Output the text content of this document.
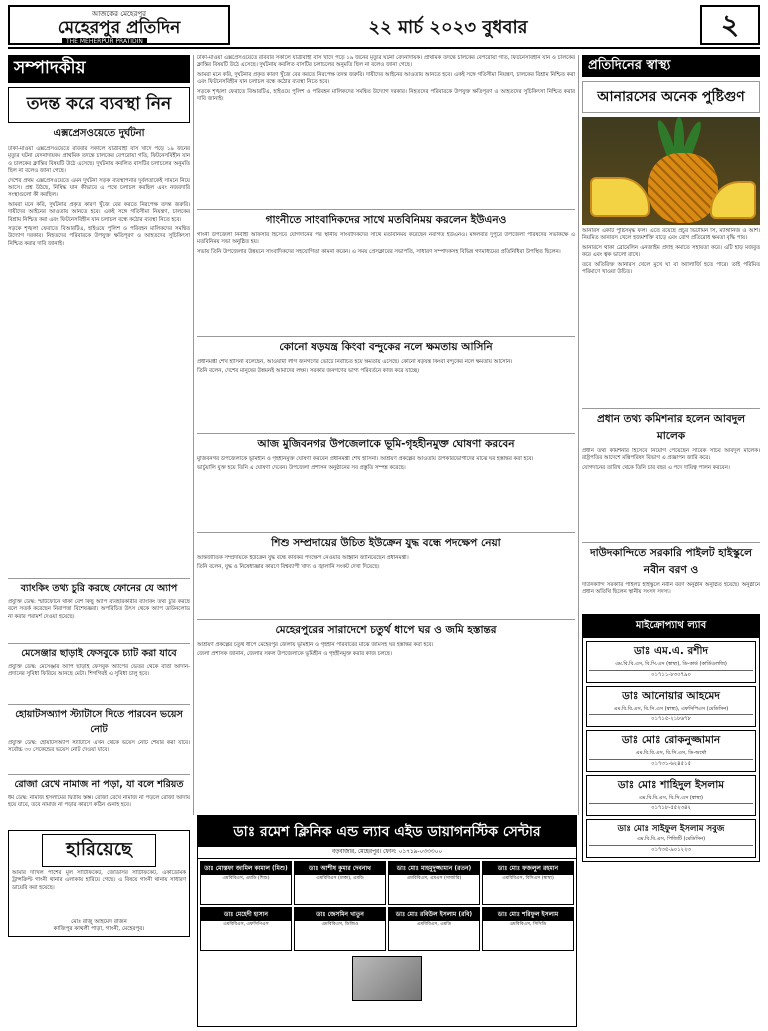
আজকের মেহেরপুর
মেহেরপুর প্রতিদিন
THE MEHERPUR PRATIDIN
২২ মার্চ ২০২৩ বুধবার	২
সম্পাদকীয়
তদন্ত করে ব্যবস্থা নিন
এক্সপ্রেসওয়েতে দুর্ঘটনা

ঢাকা-মাওয়া এক্সপ্রেসওয়েতে রবিবার সকালে যাত্রীবাহী বাস খাদে পড়ে ১৯ জনের মৃত্যুর ঘটনা বেদনাদায়ক। প্রাথমিক তদন্তে চালকের বেপরোয়া গতি, ফিটনেসবিহীন যান ও চালকের ক্লান্তির বিষয়টি উঠে এসেছে। দুর্ঘটনায় কবলিত বাসটির চলাচলের অনুমতি ছিল না বলেও জানা গেছে।

দেশের প্রথম এক্সপ্রেসওয়েতে এমন দুর্ঘটনা সড়ক ব্যবস্থাপনার দুর্বলতাকেই সামনে নিয়ে আসে। প্রশ্ন উঠছে, নিষিদ্ধ যান কীভাবে এ পথে চলাচল করছিল এবং নজরদারি সংস্থাগুলো কী করছিল।

আমরা মনে করি, দুর্ঘটনার প্রকৃত কারণ খুঁজে বের করতে নিরপেক্ষ তদন্ত জরুরি। দায়ীদের আইনের আওতায় আনতে হবে। একই সঙ্গে গতিসীমা নিয়ন্ত্রণ, চালকের বিশ্রাম নিশ্চিত করা এবং ফিটনেসবিহীন যান চলাচল বন্ধে কঠোর ব্যবস্থা নিতে হবে।

সড়কে শৃঙ্খলা ফেরাতে বিআরটিএ, হাইওয়ে পুলিশ ও পরিবহন মালিকদের সমন্বিত উদ্যোগ দরকার। নিহতদের পরিবারকে উপযুক্ত ক্ষতিপূরণ ও আহতদের সুচিকিৎসা নিশ্চিত করার দাবি জানাই।

ব্যাংকিং তথ্য চুরি করছে ফোনের যে অ্যাপ
প্রযুক্তি ডেস্ক: স্মার্টফোনে থাকা বেশ কিছু অ্যাপ ব্যবহারকারীর ব্যাংকিং তথ্য চুরি করছে বলে সতর্ক করেছেন নিরাপত্তা বিশেষজ্ঞরা। অপরিচিত উৎস থেকে অ্যাপ ডাউনলোড না করার পরামর্শ দেওয়া হয়েছে।
মেসেঞ্জার ছাড়াই ফেসবুকে চ্যাট করা যাবে
প্রযুক্তি ডেস্ক: মেসেঞ্জার অ্যাপ ছাড়াই ফেসবুক অ্যাপের ভেতর থেকে বার্তা আদান-প্রদানের সুবিধা ফিরিয়ে আনছে মেটা। শিগগিরই এ সুবিধা চালু হবে।
হোয়াটসঅ্যাপ স্ট্যাটাসে দিতে পারবেন ভয়েস নোট
প্রযুক্তি ডেস্ক: হোয়াটসঅ্যাপ স্ট্যাটাসে এখন থেকে ভয়েস নোট শেয়ার করা যাবে। সর্বোচ্চ ৩০ সেকেন্ডের ভয়েস নোট দেওয়া যাবে।
রোজা রেখে নামাজ না পড়া, যা বলে শরিয়ত
ধর্ম ডেস্ক: নামাজ ইসলামের দ্বিতীয় স্তম্ভ। রোজা রেখে নামাজ না পড়লে রোজা আদায় হয়ে যাবে, তবে নামাজ না পড়ার কারণে কঠিন গুনাহ হবে।
হারিয়েছে
আমার দাখিল পাশের মূল সার্টিফিকেট, জেডিসির সার্টিফিকেট, একাডেমিক ট্রান্সক্রিপ্ট গাংনী থানার এলাকায় হারিয়ে গেছে। এ বিষয়ে গাংনী থানায় সাধারণ ডায়েরি করা হয়েছে।
মোঃ রাজু আহমেদ রাজন
কাজিপুর কাথলী পাড়া, গাংনী, মেহেরপুর।

ঢাকা-মাওয়া এক্সপ্রেসওয়েতে রবিবার সকালে যাত্রীবাহী বাস খাদে পড়ে ১৯ জনের মৃত্যুর ঘটনা বেদনাদায়ক। প্রাথমিক তদন্তে চালকের বেপরোয়া গতি, ফিটনেসবিহীন যান ও চালকের ক্লান্তির বিষয়টি উঠে এসেছে। দুর্ঘটনায় কবলিত বাসটির চলাচলের অনুমতি ছিল না বলেও জানা গেছে।

আমরা মনে করি, দুর্ঘটনার প্রকৃত কারণ খুঁজে বের করতে নিরপেক্ষ তদন্ত জরুরি। দায়ীদের আইনের আওতায় আনতে হবে। একই সঙ্গে গতিসীমা নিয়ন্ত্রণ, চালকের বিশ্রাম নিশ্চিত করা এবং ফিটনেসবিহীন যান চলাচল বন্ধে কঠোর ব্যবস্থা নিতে হবে।

সড়কে শৃঙ্খলা ফেরাতে বিআরটিএ, হাইওয়ে পুলিশ ও পরিবহন মালিকদের সমন্বিত উদ্যোগ দরকার। নিহতদের পরিবারকে উপযুক্ত ক্ষতিপূরণ ও আহতদের সুচিকিৎসা নিশ্চিত করার দাবি জানাই।

গাংনীতে সাংবাদিকদের সাথে মতবিনিময় করলেন ইউএনও

গাংনী উপজেলা নির্বাহী অফিসার হিসেবে যোগদানের পর স্থানীয় সাংবাদিকদের সাথে মতবিনিময় করেছেন নবাগত ইউএনও। মঙ্গলবার দুপুরে উপজেলা পরিষদের সভাকক্ষে এ মতবিনিময় সভা অনুষ্ঠিত হয়।

সভায় তিনি উপজেলার উন্নয়নে সাংবাদিকদের সহযোগিতা কামনা করেন। এ সময় প্রেসক্লাবের সভাপতি, সাধারণ সম্পাদকসহ বিভিন্ন গণমাধ্যমের প্রতিনিধিরা উপস্থিত ছিলেন।

কোনো ষড়যন্ত্র কিংবা বন্দুকের নলে ক্ষমতায় আসিনি

প্রধানমন্ত্রী শেখ হাসিনা বলেছেন, আওয়ামী লীগ জনগণের ভোটে নির্বাচিত হয়ে ক্ষমতায় এসেছে। কোনো ষড়যন্ত্র কিংবা বন্দুকের নলে ক্ষমতায় আসেনি।

তিনি বলেন, দেশের মানুষের উন্নয়নই আমাদের লক্ষ্য। সরকার জনগণের ভাগ্য পরিবর্তনে কাজ করে যাচ্ছে।

আজ মুজিবনগর উপজেলাকে ভূমি-গৃহহীনমুক্ত ঘোষণা করবেন

মুজিবনগর উপজেলাকে ভূমিহীন ও গৃহহীনমুক্ত ঘোষণা করবেন প্রধানমন্ত্রী শেখ হাসিনা। আশ্রয়ণ প্রকল্পের আওতায় উপকারভোগীদের মাঝে ঘর হস্তান্তর করা হবে।

ভার্চুয়ালি যুক্ত হয়ে তিনি এ ঘোষণা দেবেন। উপজেলা প্রশাসন অনুষ্ঠানের সব প্রস্তুতি সম্পন্ন করেছে।

শিশু সম্প্রদায়ের উচিত ইউক্রেন যুদ্ধ বন্ধে পদক্ষেপ নেয়া

আন্তর্জাতিক সম্প্রদায়কে ইউক্রেন যুদ্ধ বন্ধে কার্যকর পদক্ষেপ নেওয়ার আহ্বান জানিয়েছেন প্রধানমন্ত্রী।

তিনি বলেন, যুদ্ধ ও নিষেধাজ্ঞার কারণে বিশ্বব্যাপী খাদ্য ও জ্বালানি সংকট দেখা দিয়েছে।

মেহেরপুরের সারাদেশে চতুর্থ ধাপে ঘর ও জমি হস্তান্তর

আশ্রয়ণ প্রকল্পের চতুর্থ ধাপে মেহেরপুর জেলায় ভূমিহীন ও গৃহহীন পরিবারের মাঝে জমিসহ ঘর হস্তান্তর করা হবে।

জেলা প্রশাসক জানান, জেলার সকল উপজেলাকে ভূমিহীন ও গৃহহীনমুক্ত করার কাজ চলছে।

প্রতিদিনের স্বাস্থ্য
আনারসের অনেক পুষ্টিগুণ

আনারস একটি পুষ্টিসমৃদ্ধ ফল। এতে রয়েছে প্রচুর ভিটামিন সি, ম্যাঙ্গানিজ ও আঁশ। নিয়মিত আনারস খেলে হজমশক্তি বাড়ে এবং রোগ প্রতিরোধ ক্ষমতা বৃদ্ধি পায়।

আনারসে থাকা ব্রোমেলিন এনজাইম প্রদাহ কমাতে সহায়তা করে। এটি হাড় মজবুত করে এবং ত্বক ভালো রাখে।

তবে অতিরিক্ত আনারস খেলে মুখে ঘা বা অ্যালার্জি হতে পারে। তাই পরিমিত পরিমাণে খাওয়া উচিত।

প্রধান তথ্য কমিশনার হলেন আবদুল মালেক

প্রধান তথ্য কমিশনার হিসেবে নিয়োগ পেয়েছেন সাবেক সচিব আবদুল মালেক। রাষ্ট্রপতির আদেশে মন্ত্রিপরিষদ বিভাগ এ প্রজ্ঞাপন জারি করে।

যোগদানের তারিখ থেকে তিনি চার বছর এ পদে দায়িত্ব পালন করবেন।

দাউদকান্দিতে সরকারি পাইলট হাইস্কুলে নবীন বরণ ও
দাউদকান্দি সরকারি পাইলট হাইস্কুলে নবীন বরণ অনুষ্ঠান অনুষ্ঠিত হয়েছে। অনুষ্ঠানে প্রধান অতিথি ছিলেন স্থানীয় সংসদ সদস্য।
মাইক্রোপ্যাথ ল্যাব
ডাঃ এম.এ. রশীদ
এম.বি.বি.এস, বি.সি.এস (স্বাস্থ্য), ডি-কার্ড (কার্ডিওলজি)
০১৭১১-৮৩০৭৯০
ডাঃ আনোয়ার আহমেদ
এম.বি.বি.এস, বি.সি.এস (স্বাস্থ্য), এফসিপিএস (মেডিসিন)
০১৭১৫-২১৮৬৭৮
ডাঃ মোঃ রোকনুজ্জামান
এম.বি.বি.এস, বি.সি.এস, ডি-অর্থো
০১৭৩১-৬২৪৫১৫
ডাঃ মোঃ শাহিদুল ইসলাম
এম.বি.বি.এস, বি.সি.এস (স্বাস্থ্য)
০১৭১৮-৫৫২৩৪২
ডাঃ মোঃ সাইফুল ইসলাম সবুজ
এম.বি.বি.এস, পিজিটি (মেডিসিন)
০১৭৩৫-৯০১২২৩
ডাঃ রমেশ ক্লিনিক এন্ড ল্যাব এইড ডায়াগনস্টিক সেন্টার
বড়বাজার, মেহেরপুর। ফোন: ০১৭১৯-০৩৩৩০০
ডাঃ মোস্তফা জামিল কামাল (মিশু)
এমবিবিএস, এমডি (শিশু)
ডাঃ আশীষ কুমার দেবনাথ
এমবিবিএস (ঢাকা), এমডি
ডাঃ মোঃ মাহমুদুজ্জামান (রতন)
এমবিবিএস, এমএস (সার্জারি)
ডাঃ মোঃ ফজলুল রহমান
এমবিবিএস, বিসিএস (স্বাস্থ্য)
ডাঃ মেহেদী হাসান
এমবিবিএস, এফসিপিএস
ডাঃ জেসমিন খাতুন
এমবিবিএস, ডিজিও
ডাঃ মোঃ রবিউল ইসলাম (রবি)
এমবিবিএস, এমডি
ডাঃ মোঃ শরিফুল ইসলাম
এমবিবিএস, সিসিডি
